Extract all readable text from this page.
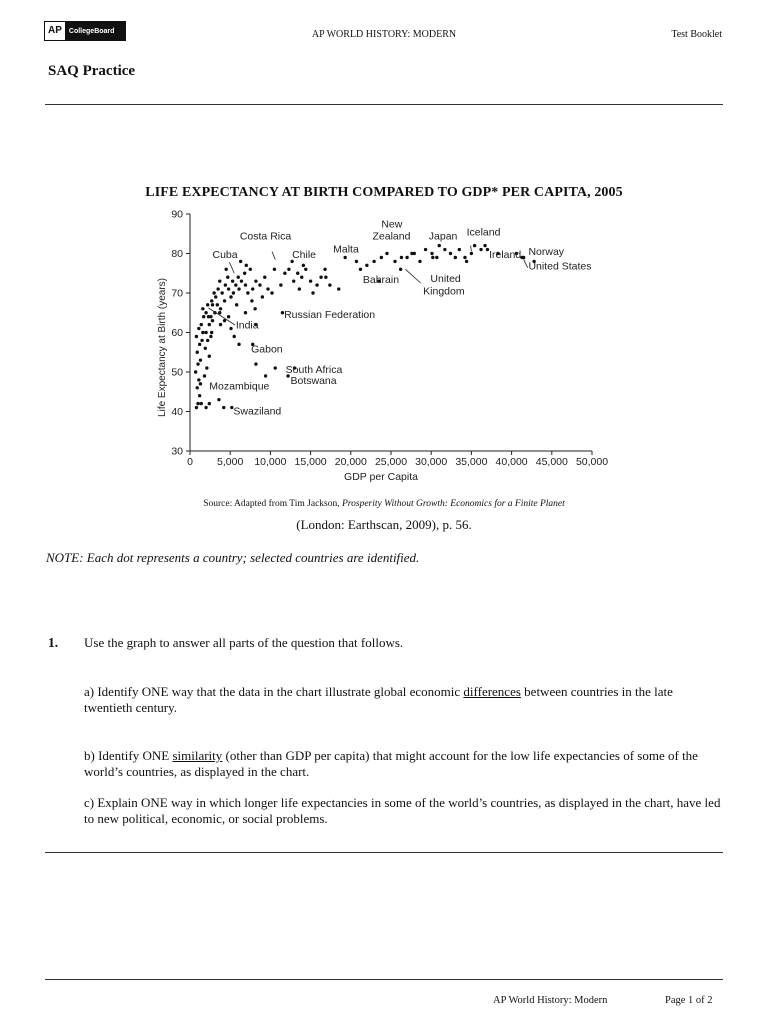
AP	CollegeBoard	AP WORLD HISTORY: MODERN	Test Booklet
SAQ Practice
LIFE EXPECTANCY AT BIRTH COMPARED TO GDP* PER CAPITA, 2005
0 5,000 10,000 15,000 20,000 25,000 30,000 35,000 40,000 45,000 50,000
30
40
50
60
70
80
90
GDP per Capita
Life Expectancy at Birth (years)
Costa Rica
Cuba	Chile Malta
New
Zealand Japan Iceland
Ireland Norway
United States
Bahrain	United
Kingdom
India
Russian Federation
Gabon
South Africa
Botswana
Mozambique
Swaziland
Source: Adapted from Tim Jackson, Prosperity Without Growth: Economics for a Finite Planet
(London: Earthscan, 2009), p. 56.
NOTE: Each dot represents a country; selected countries are identified.
1. Use the graph to answer all parts of the question that follows.
a) Identify ONE way that the data in the chart illustrate global economic differences between countries in the late twentieth century.
b) Identify ONE similarity (other than GDP per capita) that might account for the low life expectancies of some of the world’s countries, as displayed in the chart.
c) Explain ONE way in which longer life expectancies in some of the world’s countries, as displayed in the chart, have led to new political, economic, or social problems.
AP World History: Modern	Page 1 of 2
